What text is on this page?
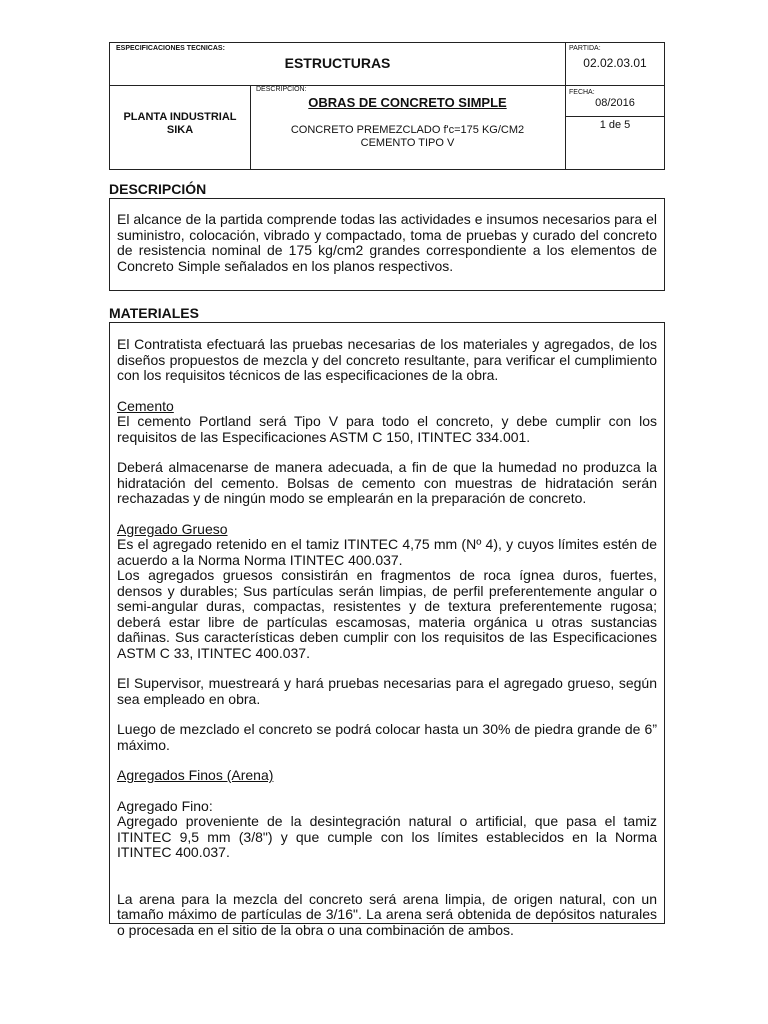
ESPECIFICACIONES TECNICAS:
ESTRUCTURAS
PARTIDA:
02.02.03.01
PLANTA INDUSTRIAL
SIKA
DESCRIPCION:
OBRAS DE CONCRETO SIMPLE
CONCRETO PREMEZCLADO f'c=175 KG/CM2
CEMENTO TIPO V
FECHA:
08/2016
1 de 5
DESCRIPCIÓN

El alcance de la partida comprende todas las actividades e insumos necesarios para el suministro, colocación, vibrado y compactado, toma de pruebas y curado del concreto de resistencia nominal de 175 kg/cm2 grandes correspondiente a los elementos de Concreto Simple señalados en los planos respectivos.

MATERIALES

El Contratista efectuará las pruebas necesarias de los materiales y agregados, de los diseños propuestos de mezcla y del concreto resultante, para verificar el cumplimiento con los requisitos técnicos de las especificaciones de la obra.

Cemento

El cemento Portland será Tipo V para todo el concreto, y debe cumplir con los requisitos de las Especificaciones ASTM C 150, ITINTEC 334.001.

Deberá almacenarse de manera adecuada, a fin de que la humedad no produzca la hidratación del cemento. Bolsas de cemento con muestras de hidratación serán rechazadas y de ningún modo se emplearán en la preparación de concreto.

Agregado Grueso

Es el agregado retenido en el tamiz ITINTEC 4,75 mm (Nº 4), y cuyos límites estén de acuerdo a la Norma Norma ITINTEC 400.037.

Los agregados gruesos consistirán en fragmentos de roca ígnea duros, fuertes, densos y durables; Sus partículas serán limpias, de perfil preferentemente angular o semi-angular duras, compactas, resistentes y de textura preferentemente rugosa; deberá estar libre de partículas escamosas, materia orgánica u otras sustancias dañinas. Sus características deben cumplir con los requisitos de las Especificaciones ASTM C 33, ITINTEC 400.037.

El Supervisor, muestreará y hará pruebas necesarias para el agregado grueso, según sea empleado en obra.

Luego de mezclado el concreto se podrá colocar hasta un 30% de piedra grande de 6” máximo.

Agregados Finos (Arena)

Agregado Fino:

Agregado proveniente de la desintegración natural o artificial, que pasa el tamiz ITINTEC 9,5 mm (3/8") y que cumple con los límites establecidos en la Norma ITINTEC 400.037.

La arena para la mezcla del concreto será arena limpia, de origen natural, con un tamaño máximo de partículas de 3/16". La arena será obtenida de depósitos naturales o procesada en el sitio de la obra o una combinación de ambos.
